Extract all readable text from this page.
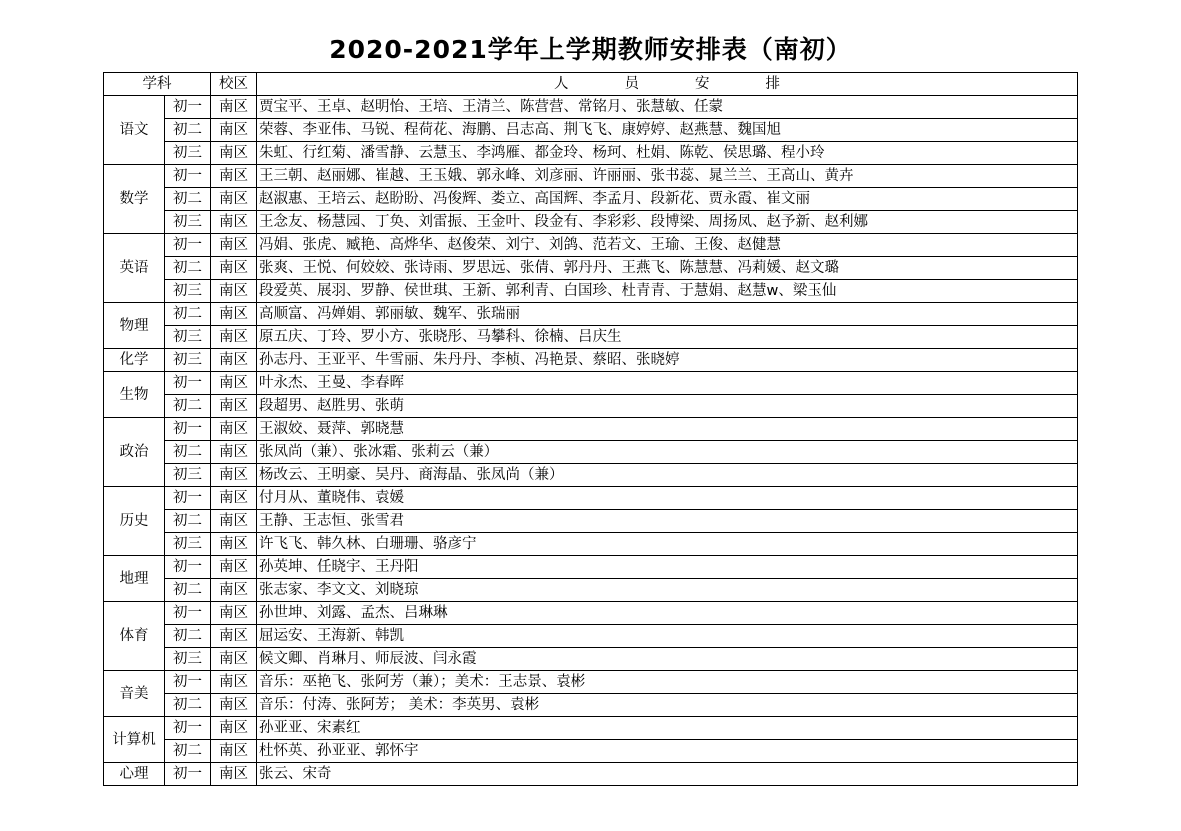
2020-2021学年上学期教师安排表（南初）
学科		校区	人 员 安 排
语文	初一	南区	贾宝平、王卓、赵明怡、王培、王清兰、陈营营、常铭月、张慧敏、任蒙
	初二	南区	荣蓉、李亚伟、马锐、程荷花、海鹏、吕志高、荆飞飞、康婷婷、赵燕慧、魏国旭
	初三	南区	朱虹、行红菊、潘雪静、云慧玉、李鸿雁、都金玲、杨珂、杜娟、陈乾、侯思璐、程小玲
数学	初一	南区	王三朝、赵丽娜、崔越、王玉娥、郭永峰、刘彦丽、许丽丽、张书蕊、晁兰兰、王高山、黄卉
	初二	南区	赵淑惠、王培云、赵盼盼、冯俊辉、娄立、高国辉、李孟月、段新花、贾永霞、崔文丽
	初三	南区	王念友、杨慧园、丁奂、刘雷振、王金叶、段金有、李彩彩、段博梁、周扬凤、赵予新、赵利娜
英语	初一	南区	冯娟、张虎、臧艳、高烨华、赵俊荣、刘宁、刘鸽、范若文、王瑜、王俊、赵健慧
	初二	南区	张爽、王悦、何姣姣、张诗雨、罗思远、张倩、郭丹丹、王燕飞、陈慧慧、冯莉媛、赵文璐
	初三	南区	段爱英、展羽、罗静、侯世琪、王新、郭利青、白国珍、杜青青、于慧娟、赵慧w、梁玉仙
物理	初二	南区	高顺富、冯婵娟、郭丽敏、魏军、张瑞丽
	初三	南区	原五庆、丁玲、罗小方、张晓彤、马攀科、徐楠、吕庆生
化学	初三	南区	孙志丹、王亚平、牛雪丽、朱丹丹、李桢、冯艳景、蔡昭、张晓婷
生物	初一	南区	叶永杰、王曼、李春晖
	初二	南区	段超男、赵胜男、张萌
政治	初一	南区	王淑姣、聂萍、郭晓慧
	初二	南区	张凤尚（兼）、张冰霜、张莉云（兼）
	初三	南区	杨改云、王明豪、吴丹、商海晶、张凤尚（兼）
历史	初一	南区	付月从、董晓伟、袁媛
	初二	南区	王静、王志恒、张雪君
	初三	南区	许飞飞、韩久林、白珊珊、骆彦宁
地理	初一	南区	孙英坤、任晓宇、王丹阳
	初二	南区	张志家、李文文、刘晓琼
体育	初一	南区	孙世坤、刘露、孟杰、吕琳琳
	初二	南区	屈运安、王海新、韩凯
	初三	南区	候文卿、肖琳月、师辰波、闫永霞
音美	初一	南区	音乐：巫艳飞、张阿芳（兼）；美术：王志景、袁彬
	初二	南区	音乐：付涛、张阿芳； 美术：李英男、袁彬
计算机	初一	南区	孙亚亚、宋素红
	初二	南区	杜怀英、孙亚亚、郭怀宇
心理	初一	南区	张云、宋奇
